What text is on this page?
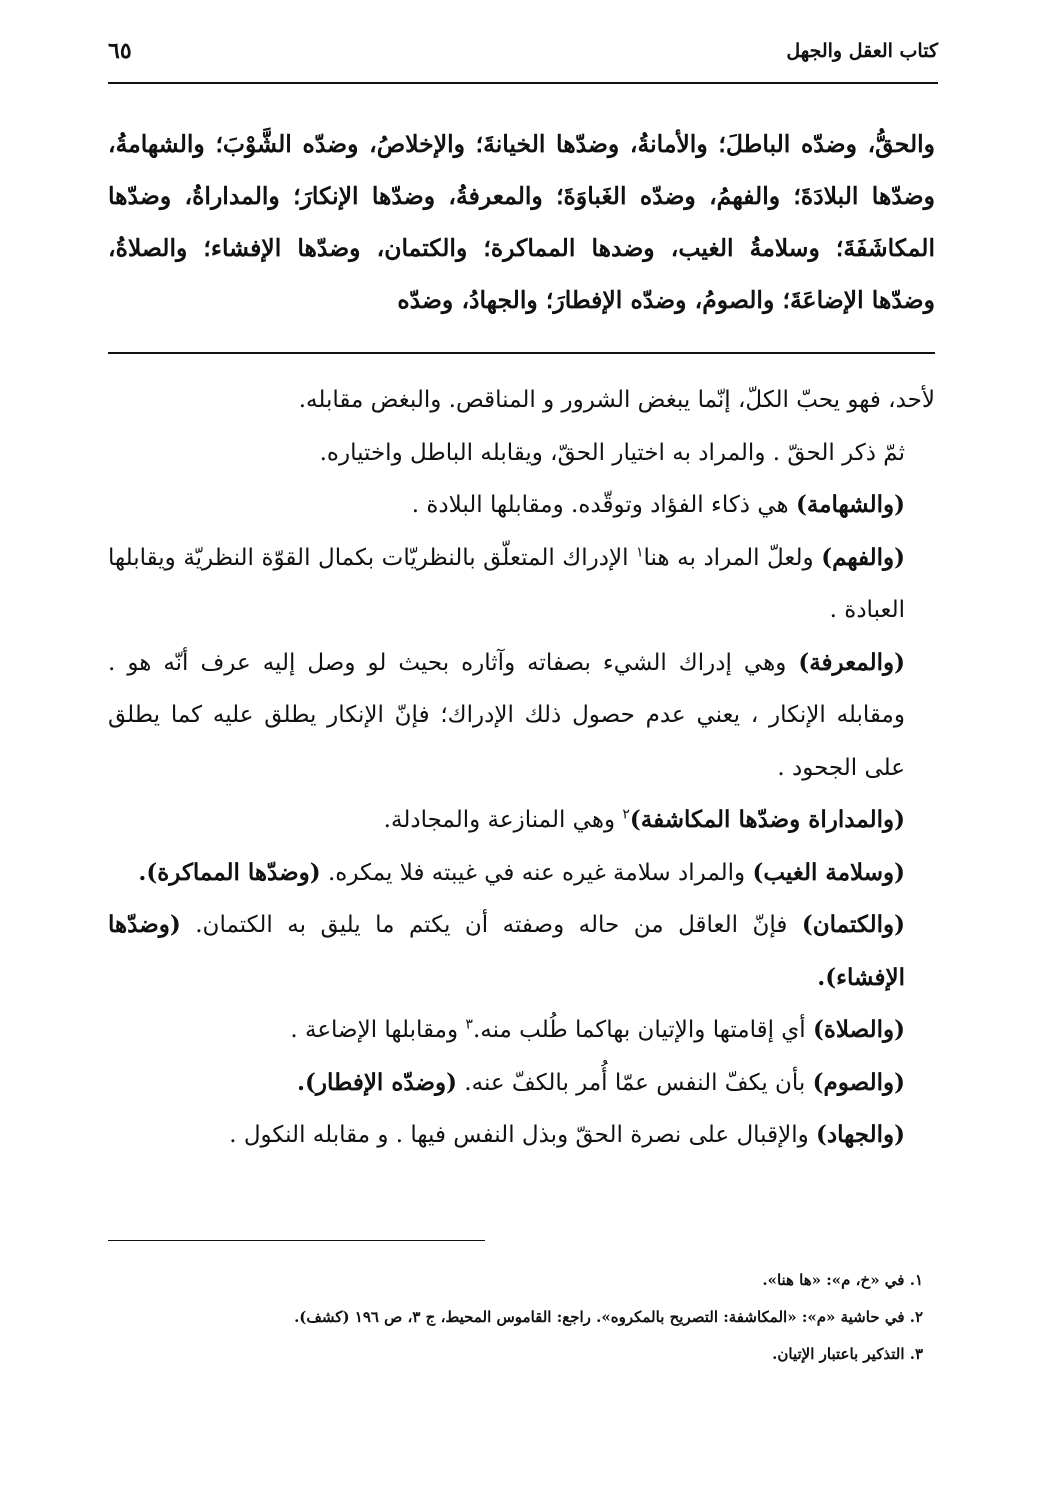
كتاب العقل والجهل
٦٥

والحقُّ، وضدّه الباطلَ؛ والأمانةُ، وضدّها الخيانةَ؛ والإخلاصُ، وضدّه الشَّوْبَ؛ والشهامةُ، وضدّها البلادَةَ؛ والفهمُ، وضدّه الغَباوَةَ؛ والمعرفةُ، وضدّها الإنكارَ؛ والمداراةُ، وضدّها المكاشَفَةَ؛ وسلامةُ الغيب، وضدها المماكرة؛ والكتمان، وضدّها الإفشاء؛ والصلاةُ، وضدّها الإضاعَةَ؛ والصومُ، وضدّه الإفطارَ؛ والجهادُ، وضدّه

لأحد، فهو يحبّ الكلّ، إنّما يبغض الشرور و المناقص. والبغض مقابله.

ثمّ ذكر الحقّ . والمراد به اختيار الحقّ، ويقابله الباطل واختياره.

(والشهامة) هي ذكاء الفؤاد وتوقّده. ومقابلها البلادة .

(والفهم) ولعلّ المراد به هنا$^١$ الإدراك المتعلّق بالنظريّات بكمال القوّة النظريّة ويقابلها العبادة .

(والمعرفة) وهي إدراك الشيء بصفاته وآثاره بحيث لو وصل إليه عرف أنّه هو . ومقابله الإنكار ، يعني عدم حصول ذلك الإدراك؛ فإنّ الإنكار يطلق عليه كما يطلق على الجحود .

(والمداراة وضدّها المكاشفة)$^٢$ وهي المنازعة والمجادلة.

(وسلامة الغيب) والمراد سلامة غيره عنه في غيبته فلا يمكره. (وضدّها المماكرة).

(والكتمان) فإنّ العاقل من حاله وصفته أن يكتم ما يليق به الكتمان. (وضدّها الإفشاء).

(والصلاة) أي إقامتها والإتيان بهاكما طُلب منه.$^٣$ ومقابلها الإضاعة .

(والصوم) بأن يكفّ النفس عمّا أُمر بالكفّ عنه. (وضدّه الإفطار).

(والجهاد) والإقبال على نصرة الحقّ وبذل النفس فيها . و مقابله النكول .

١. في «خ، م»: «ها هنا».

٢. في حاشية «م»: «المكاشفة: التصريح بالمكروه». راجع: القاموس المحيط، ج ٣، ص ١٩٦ (كشف).

٣. التذكير باعتبار الإتيان.
